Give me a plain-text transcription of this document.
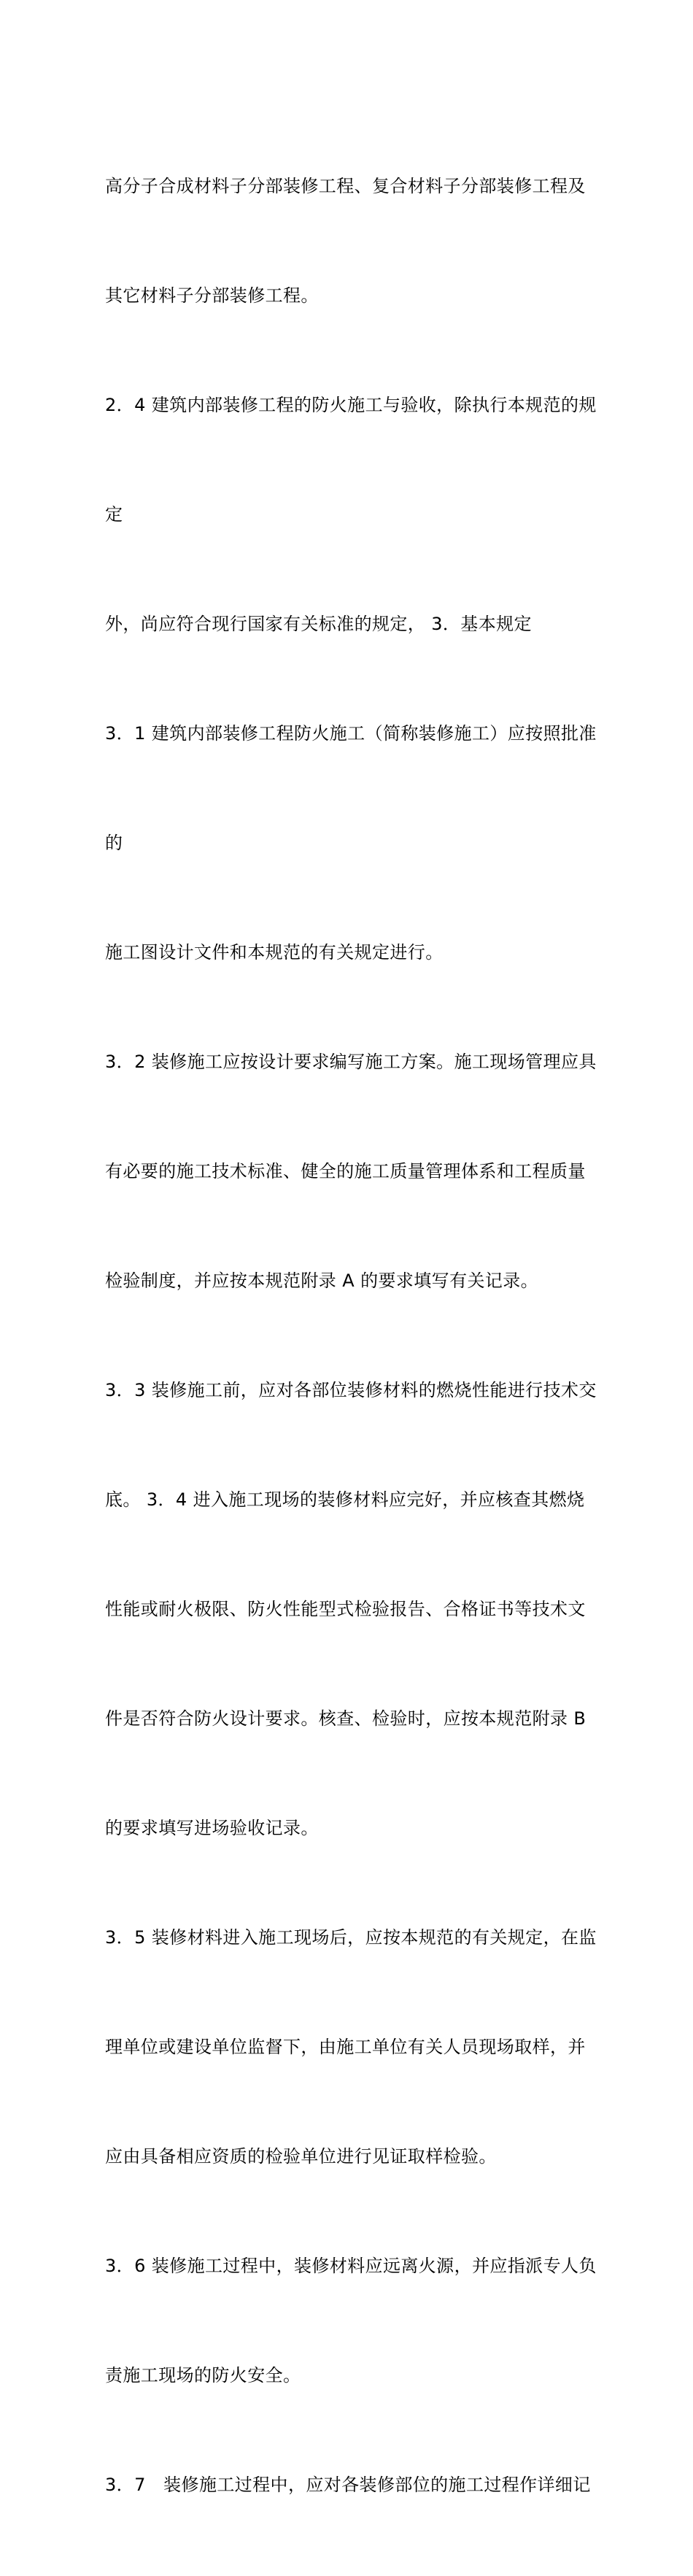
高分子合成材料子分部装修工程、复合材料子分部装修工程及

其它材料子分部装修工程。

2．4 建筑内部装修工程的防火施工与验收，除执行本规范的规

定

外，尚应符合现行国家有关标准的规定， 3．基本规定

3．1 建筑内部装修工程防火施工（简称装修施工）应按照批准

的

施工图设计文件和本规范的有关规定进行。

3．2 装修施工应按设计要求编写施工方案。施工现场管理应具

有必要的施工技术标准、健全的施工质量管理体系和工程质量

检验制度，并应按本规范附录 A 的要求填写有关记录。

3．3 装修施工前，应对各部位装修材料的燃烧性能进行技术交

底。 3．4 进入施工现场的装修材料应完好，并应核查其燃烧

性能或耐火极限、防火性能型式检验报告、合格证书等技术文

件是否符合防火设计要求。核查、检验时，应按本规范附录 B

的要求填写进场验收记录。

3．5 装修材料进入施工现场后，应按本规范的有关规定，在监

理单位或建设单位监督下，由施工单位有关人员现场取样，并

应由具备相应资质的检验单位进行见证取样检验。

3．6 装修施工过程中，装修材料应远离火源，并应指派专人负

责施工现场的防火安全。

3．7　装修施工过程中，应对各装修部位的施工过程作详细记
